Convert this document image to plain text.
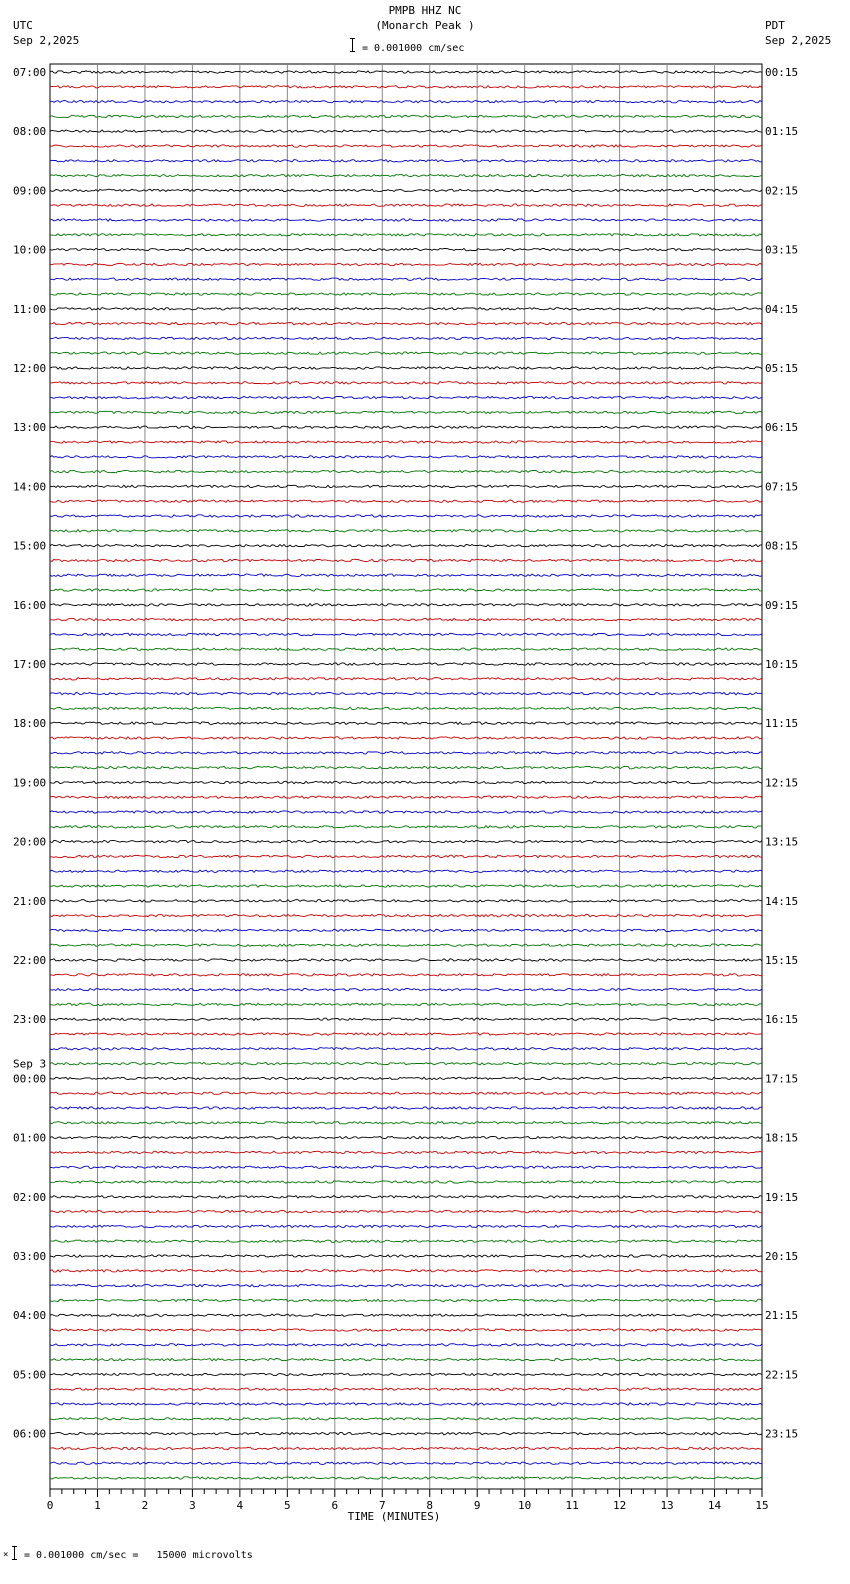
PMPB HHZ NC
(Monarch Peak )
= 0.001000 cm/sec
UTC
Sep 2,2025
PDT
Sep 2,2025
07:00
08:00
09:00
10:00
11:00
12:00
13:00
14:00
15:00
16:00
17:00
18:00
19:00
20:00
21:00
22:00
23:00
00:00
01:00
02:00
03:00
04:00
05:00
06:00
00:15
01:15
02:15
03:15
04:15
05:15
06:15
07:15
08:15
09:15
10:15
11:15
12:15
13:15
14:15
15:15
16:15
17:15
18:15
19:15
20:15
21:15
22:15
23:15
Sep 3
0	1	2	3	4	5	6	7	8	9	10	11	12	13	14	15
TIME (MINUTES)
× = 0.001000 cm/sec =   15000 microvolts
